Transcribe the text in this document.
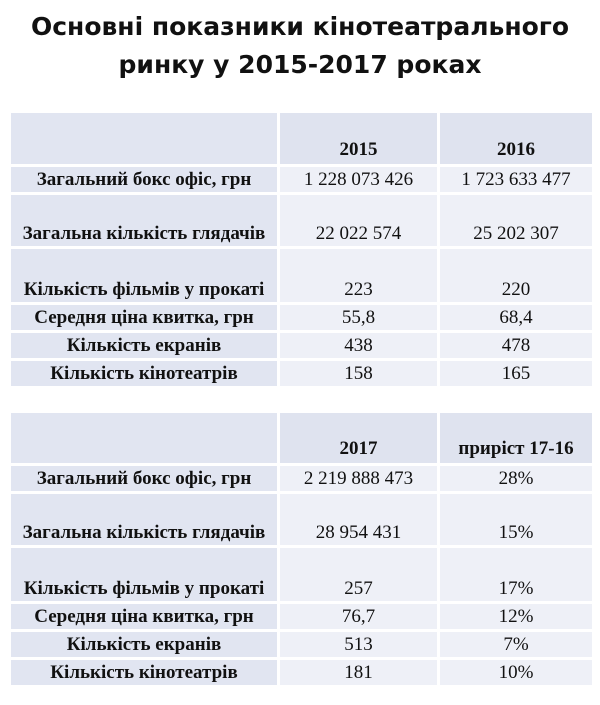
Основні показники кінотеатрального
ринку у 2015-2017 роках
	2015	2016
Загальний бокс офіс, грн	1 228 073 426	1 723 633 477
Загальна кількість глядачів	22 022 574	25 202 307
Кількість фільмів у прокаті	223	220
Середня ціна квитка, грн	55,8	68,4
Кількість екранів	438	478
Кількість кінотеатрів	158	165
	2017	приріст 17-16
Загальний бокс офіс, грн	2 219 888 473	28%
Загальна кількість глядачів	28 954 431	15%
Кількість фільмів у прокаті	257	17%
Середня ціна квитка, грн	76,7	12%
Кількість екранів	513	7%
Кількість кінотеатрів	181	10%
